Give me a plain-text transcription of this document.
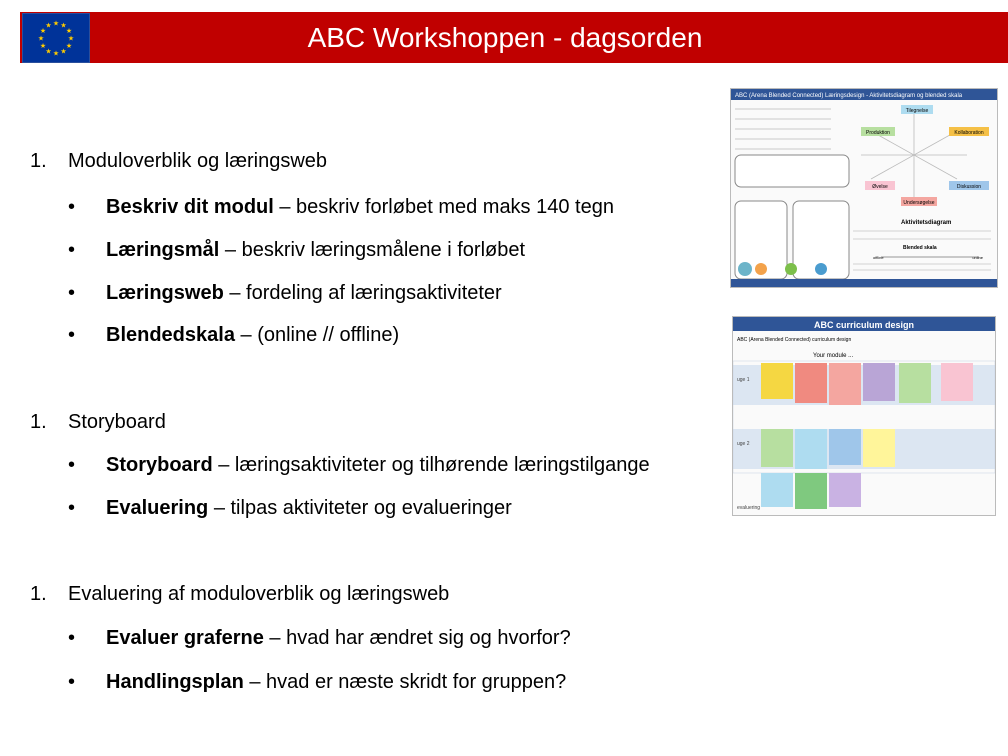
★ ★
★
★
★
★
★
★
★
★
★
★	ABC Workshoppen - dagsorden
AB
SAL
ON
1. Moduloverblik og læringsweb
• Beskriv dit modul – beskriv forløbet med maks 140 tegn
• Læringsmål – beskriv læringsmålene i forløbet
• Læringsweb – fordeling af læringsaktiviteter
• Blendedskala – (online // offline)
1. Storyboard
• Storyboard – læringsaktiviteter og tilhørende læringstilgange
• Evaluering – tilpas aktiviteter og evalueringer
1. Evaluering af moduloverblik og læringsweb
• Evaluer graferne – hvad har ændret sig og hvorfor?
• Handlingsplan – hvad er næste skridt for gruppen?
ABC (Arena Blended Connected) Læringsdesign - Aktivitetsdiagram og blended skala
Tilegnelse
Produktion	Kollaboration
Øvelse	Diskussion
Undersøgelse
Aktivitetsdiagram
Blended skala
offline	online
ABC curriculum design
ABC (Arena Blended Connected) curriculum design
Your module ...
uge 1
uge 2
evaluering
